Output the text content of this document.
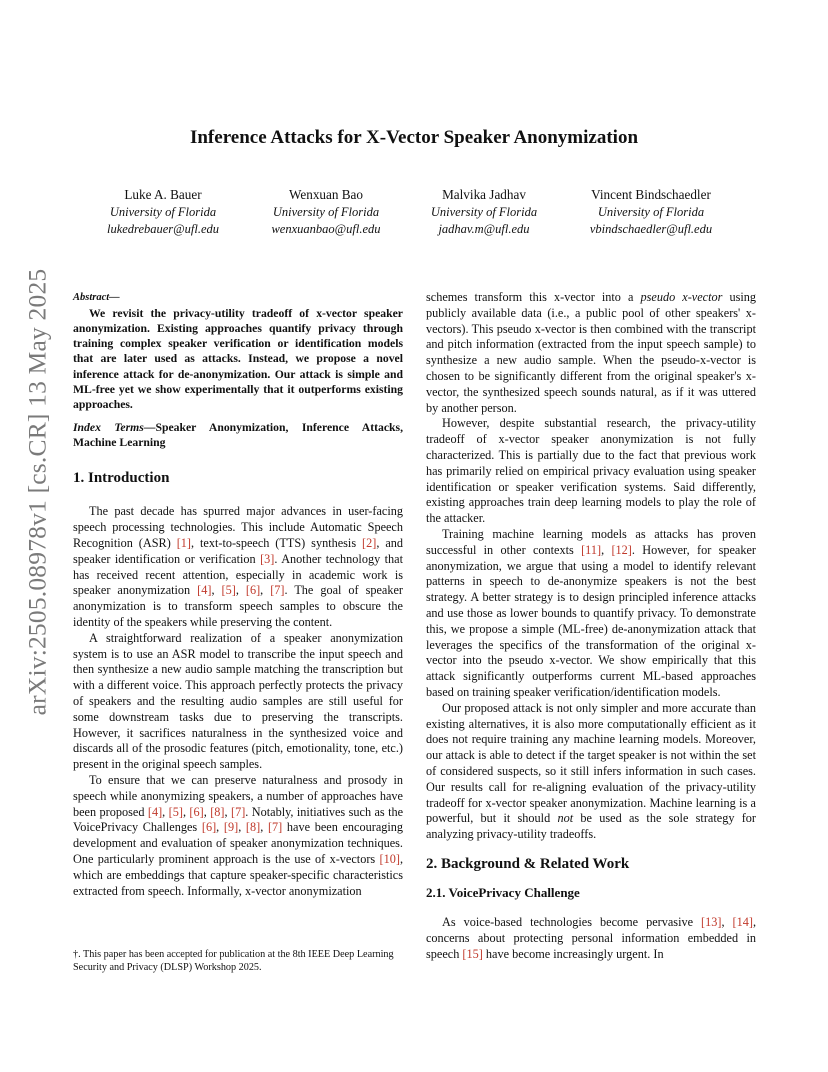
arXiv:2505.08978v1 [cs.CR] 13 May 2025
Inference Attacks for X-Vector Speaker Anonymization
Luke A. Bauer
University of Florida
lukedrebauer@ufl.edu
Wenxuan Bao
University of Florida
wenxuanbao@ufl.edu
Malvika Jadhav
University of Florida
jadhav.m@ufl.edu
Vincent Bindschaedler
University of Florida
vbindschaedler@ufl.edu

Abstract—

We revisit the privacy-utility tradeoff of x-vector speaker anonymization. Existing approaches quantify privacy through training complex speaker verification or identification models that are later used as attacks. Instead, we propose a novel inference attack for de-anonymization. Our attack is simple and ML-free yet we show experimentally that it outperforms existing approaches.

Index Terms—Speaker Anonymization, Inference Attacks, Machine Learning

1. Introduction

The past decade has spurred major advances in user-facing speech processing technologies. This include Automatic Speech Recognition (ASR) [1], text-to-speech (TTS) synthesis [2], and speaker identification or verification [3]. Another technology that has received recent attention, especially in academic work is speaker anonymization [4], [5], [6], [7]. The goal of speaker anonymization is to transform speech samples to obscure the identity of the speakers while preserving the content.

A straightforward realization of a speaker anonymization system is to use an ASR model to transcribe the input speech and then synthesize a new audio sample matching the transcription but with a different voice. This approach perfectly protects the privacy of speakers and the resulting audio samples are still useful for some downstream tasks due to preserving the transcripts. However, it sacrifices naturalness in the synthesized voice and discards all of the prosodic features (pitch, emotionality, tone, etc.) present in the original speech samples.

To ensure that we can preserve naturalness and prosody in speech while anonymizing speakers, a number of approaches have been proposed [4], [5], [6], [8], [7]. Notably, initiatives such as the VoicePrivacy Challenges [6], [9], [8], [7] have been encouraging development and evaluation of speaker anonymization techniques. One particularly prominent approach is the use of x-vectors [10], which are embeddings that capture speaker-specific characteristics extracted from speech. Informally, x-vector anonymization

†. This paper has been accepted for publication at the 8th IEEE Deep Learning Security and Privacy (DLSP) Workshop 2025.

schemes transform this x-vector into a pseudo x-vector using publicly available data (i.e., a public pool of other speakers' x-vectors). This pseudo x-vector is then combined with the transcript and pitch information (extracted from the input speech sample) to synthesize a new audio sample. When the pseudo-x-vector is chosen to be significantly different from the original speaker's x-vector, the synthesized speech sounds natural, as if it was uttered by another person.

However, despite substantial research, the privacy-utility tradeoff of x-vector speaker anonymization is not fully characterized. This is partially due to the fact that previous work has primarily relied on empirical privacy evaluation using speaker identification or speaker verification systems. Said differently, existing approaches train deep learning models to play the role of the attacker.

Training machine learning models as attacks has proven successful in other contexts [11], [12]. However, for speaker anonymization, we argue that using a model to identify relevant patterns in speech to de-anonymize speakers is not the best strategy. A better strategy is to design principled inference attacks and use those as lower bounds to quantify privacy. To demonstrate this, we propose a simple (ML-free) de-anonymization attack that leverages the specifics of the transformation of the original x-vector into the pseudo x-vector. We show empirically that this attack significantly outperforms current ML-based approaches based on training speaker verification/identification models.

Our proposed attack is not only simpler and more accurate than existing alternatives, it is also more computationally efficient as it does not require training any machine learning models. Moreover, our attack is able to detect if the target speaker is not within the set of considered suspects, so it still infers information in such cases. Our results call for re-aligning evaluation of the privacy-utility tradeoff for x-vector speaker anonymization. Machine learning is a powerful, but it should not be used as the sole strategy for analyzing privacy-utility tradeoffs.

2. Background & Related Work

2.1. VoicePrivacy Challenge

As voice-based technologies become pervasive [13], [14], concerns about protecting personal information embedded in speech [15] have become increasingly urgent. In
